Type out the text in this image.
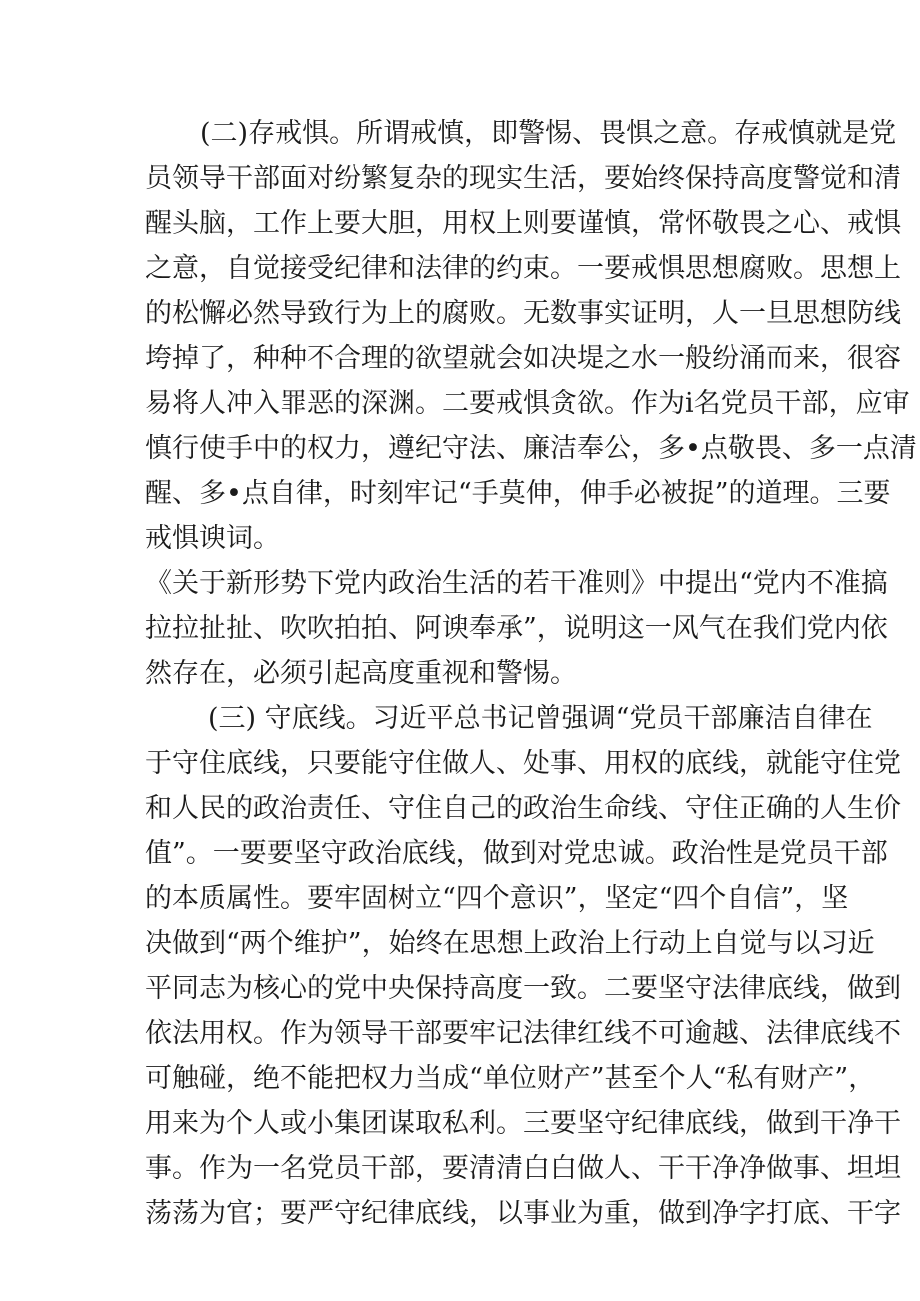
(二)存戒惧。所谓戒慎，即警惕、畏惧之意。存戒慎就是党
员领导干部面对纷繁复杂的现实生活，要始终保持高度警觉和清
醒头脑，工作上要大胆，用权上则要谨慎，常怀敬畏之心、戒惧
之意，自觉接受纪律和法律的约束。一要戒惧思想腐败。思想上
的松懈必然导致行为上的腐败。无数事实证明，人一旦思想防线
垮掉了，种种不合理的欲望就会如决堤之水一般纷涌而来，很容
易将人冲入罪恶的深渊。二要戒惧贪欲。作为i名党员干部，应审
慎行使手中的权力，遵纪守法、廉洁奉公，多•点敬畏、多一点清
醒、多•点自律，时刻牢记“手莫伸，伸手必被捉”的道理。三要
戒惧谀词。
《关于新形势下党内政治生活的若干准则》中提出“党内不准搞
拉拉扯扯、吹吹拍拍、阿谀奉承”，说明这一风气在我们党内依
然存在，必须引起高度重视和警惕。
(三) 守底线。习近平总书记曾强调“党员干部廉洁自律在
于守住底线，只要能守住做人、处事、用权的底线，就能守住党
和人民的政治责任、守住自己的政治生命线、守住正确的人生价
值”。一要要坚守政治底线，做到对党忠诚。政治性是党员干部
的本质属性。要牢固树立“四个意识”，坚定“四个自信”，坚
决做到“两个维护”，始终在思想上政治上行动上自觉与以习近
平同志为核心的党中央保持高度一致。二要坚守法律底线，做到
依法用权。作为领导干部要牢记法律红线不可逾越、法律底线不
可触碰，绝不能把权力当成“单位财产”甚至个人“私有财产”，
用来为个人或小集团谋取私利。三要坚守纪律底线，做到干净干
事。作为一名党员干部，要清清白白做人、干干净净做事、坦坦
荡荡为官；要严守纪律底线，以事业为重，做到净字打底、干字
